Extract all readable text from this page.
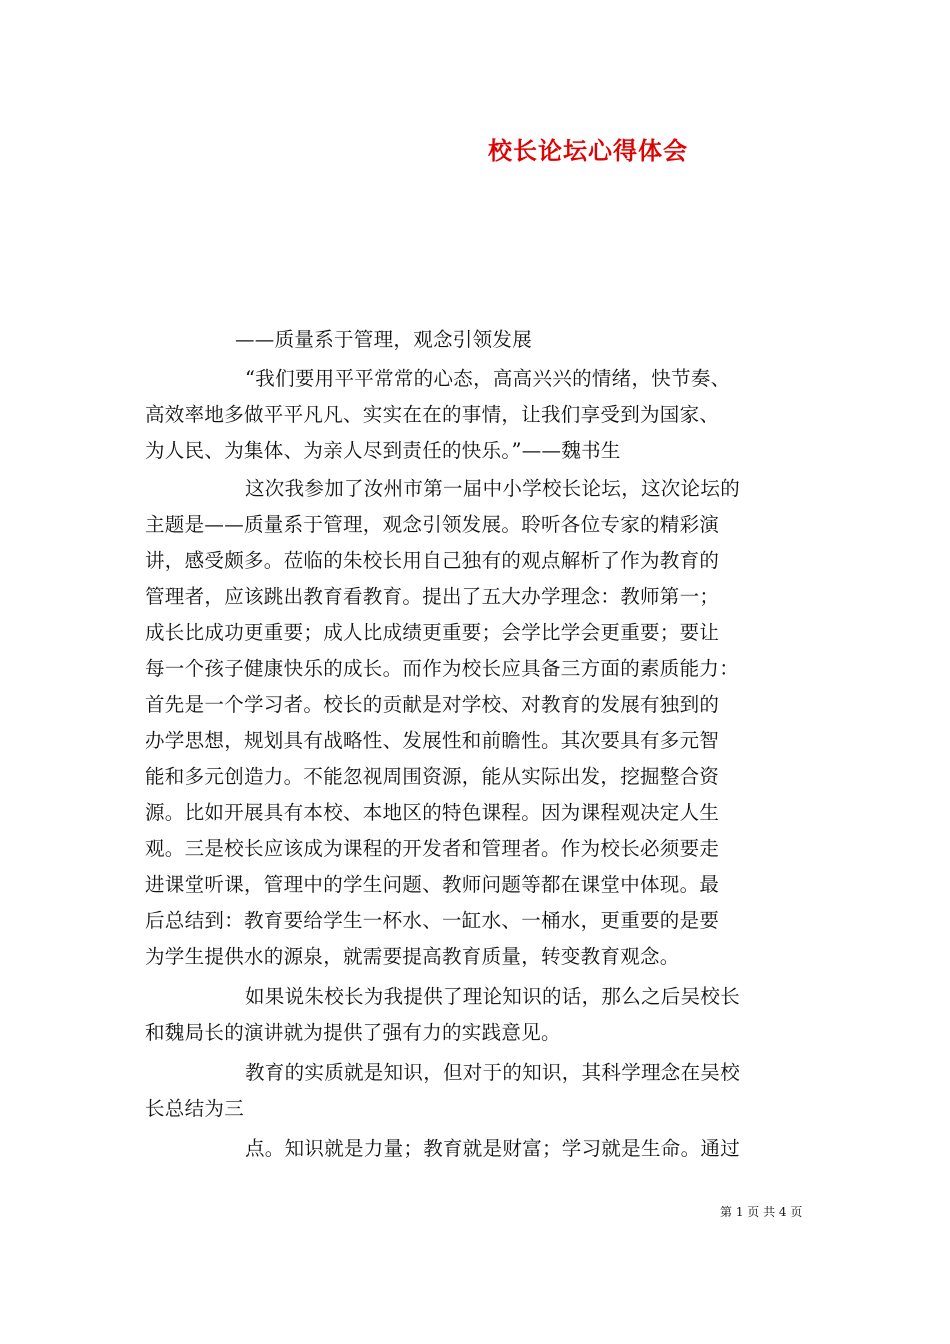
校长论坛心得体会
——质量系于管理，观念引领发展
“我们要用平平常常的心态，高高兴兴的情绪，快节奏、
高效率地多做平平凡凡、实实在在的事情，让我们享受到为国家、
为人民、为集体、为亲人尽到责任的快乐。”——魏书生
这次我参加了汝州市第一届中小学校长论坛，这次论坛的
主题是——质量系于管理，观念引领发展。聆听各位专家的精彩演
讲，感受颇多。莅临的朱校长用自己独有的观点解析了作为教育的
管理者，应该跳出教育看教育。提出了五大办学理念：教师第一；
成长比成功更重要；成人比成绩更重要；会学比学会更重要；要让
每一个孩子健康快乐的成长。而作为校长应具备三方面的素质能力：
首先是一个学习者。校长的贡献是对学校、对教育的发展有独到的
办学思想，规划具有战略性、发展性和前瞻性。其次要具有多元智
能和多元创造力。不能忽视周围资源，能从实际出发，挖掘整合资
源。比如开展具有本校、本地区的特色课程。因为课程观决定人生
观。三是校长应该成为课程的开发者和管理者。作为校长必须要走
进课堂听课，管理中的学生问题、教师问题等都在课堂中体现。最
后总结到：教育要给学生一杯水、一缸水、一桶水，更重要的是要
为学生提供水的源泉，就需要提高教育质量，转变教育观念。
如果说朱校长为我提供了理论知识的话，那么之后吴校长
和魏局长的演讲就为提供了强有力的实践意见。
教育的实质就是知识，但对于的知识，其科学理念在吴校
长总结为三
点。知识就是力量；教育就是财富；学习就是生命。通过
第 1 页 共 4 页
